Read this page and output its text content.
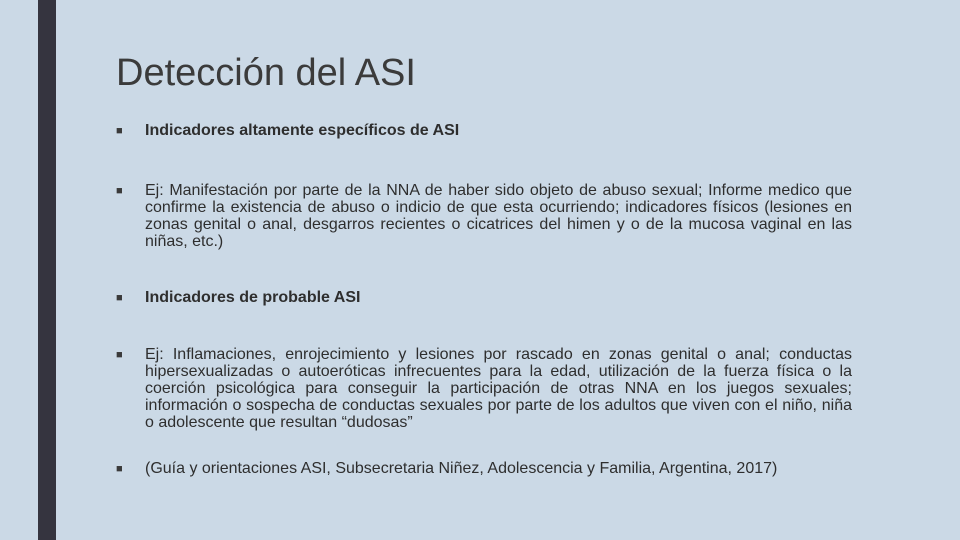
Detección del ASI
■	Indicadores altamente específicos de ASI
■	Ej: Manifestación por parte de la NNA de haber sido objeto de abuso sexual; Informe medico que confirme la existencia de abuso o indicio de que esta ocurriendo; indicadores físicos (lesiones en zonas genital o anal, desgarros recientes o cicatrices del himen y o de la mucosa vaginal en las niñas, etc.)
■	Indicadores de probable ASI
■	Ej: Inflamaciones, enrojecimiento y lesiones por rascado en zonas genital o anal; conductas hipersexualizadas o autoeróticas infrecuentes para la edad, utilización de la fuerza física o la coerción psicológica para conseguir la participación de otras NNA en los juegos sexuales; información o sospecha de conductas sexuales por parte de los adultos que viven con el niño, niña o adolescente que resultan “dudosas”
■	(Guía y orientaciones ASI, Subsecretaria Niñez, Adolescencia y Familia, Argentina, 2017)
